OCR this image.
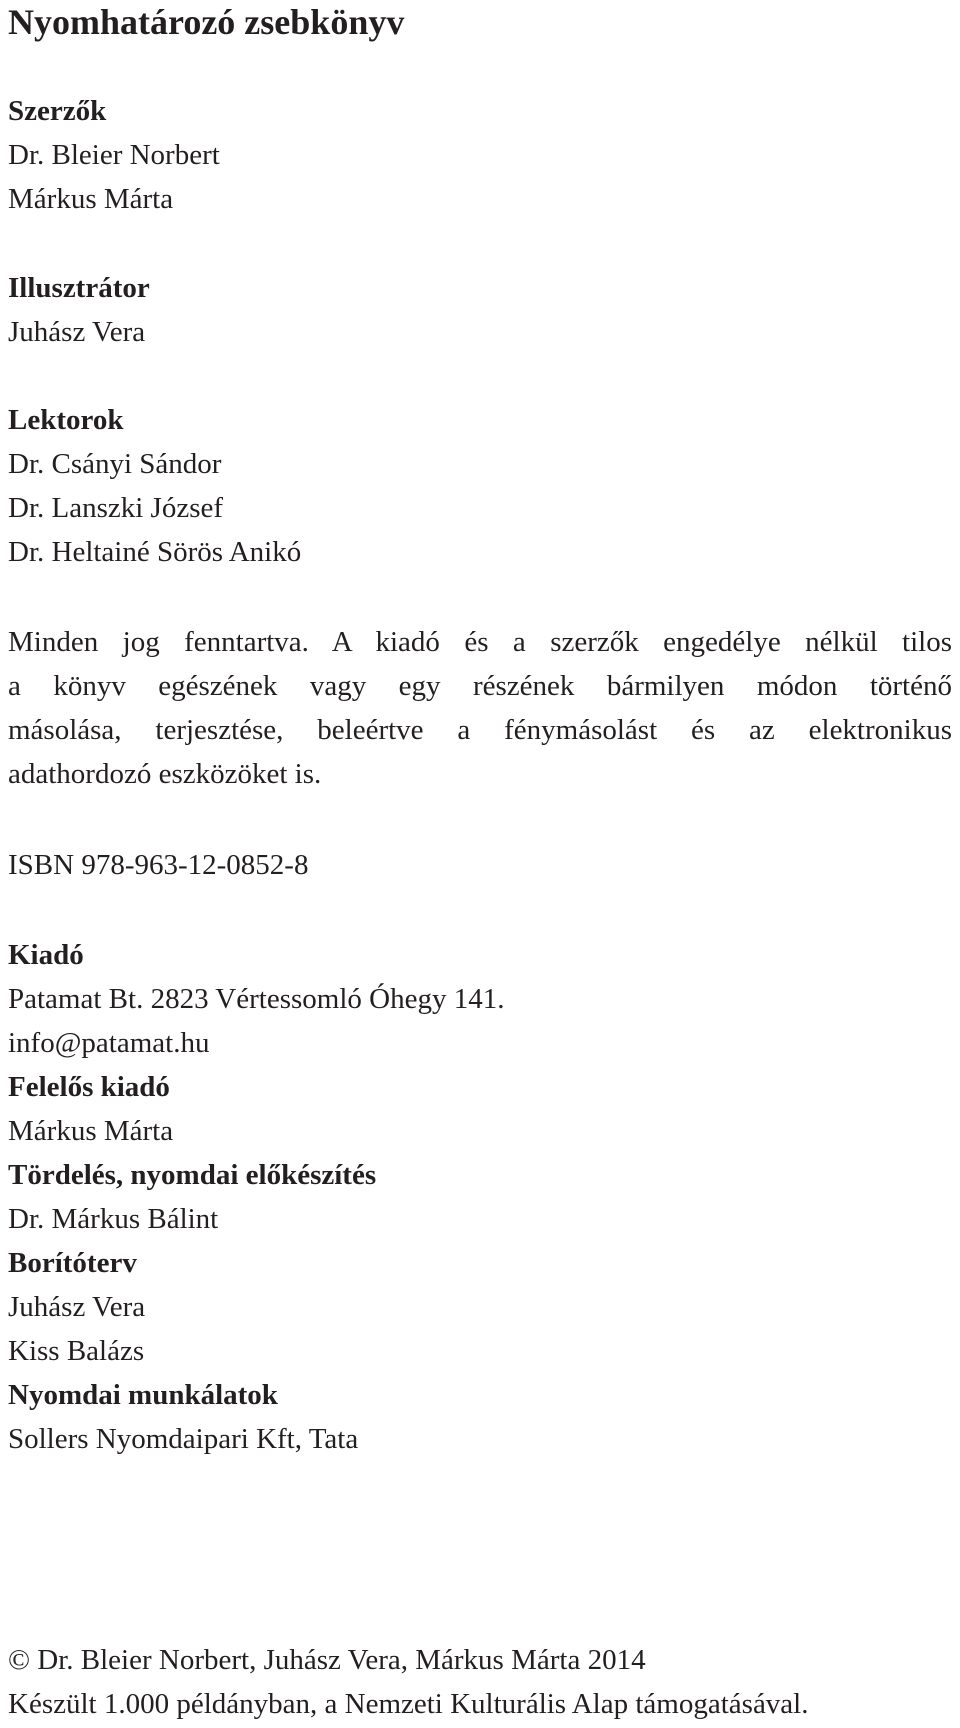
Nyomhatározó zsebkönyv
Szerzők
Dr. Bleier Norbert
Márkus Márta
Illusztrátor
Juhász Vera
Lektorok
Dr. Csányi Sándor
Dr. Lanszki József
Dr. Heltainé Sörös Anikó
Minden jog fenntartva. A kiadó és a szerzők engedélye nélkül tilos
a könyv egészének vagy egy részének bármilyen módon történő
másolása, terjesztése, beleértve a fénymásolást és az elektronikus
adathordozó eszközöket is.
ISBN 978-963-12-0852-8
Kiadó
Patamat Bt. 2823 Vértessomló Óhegy 141.
info@patamat.hu
Felelős kiadó
Márkus Márta
Tördelés, nyomdai előkészítés
Dr. Márkus Bálint
Borítóterv
Juhász Vera
Kiss Balázs
Nyomdai munkálatok
Sollers Nyomdaipari Kft, Tata
© Dr. Bleier Norbert, Juhász Vera, Márkus Márta 2014
Készült 1.000 példányban, a Nemzeti Kulturális Alap támogatásával.
